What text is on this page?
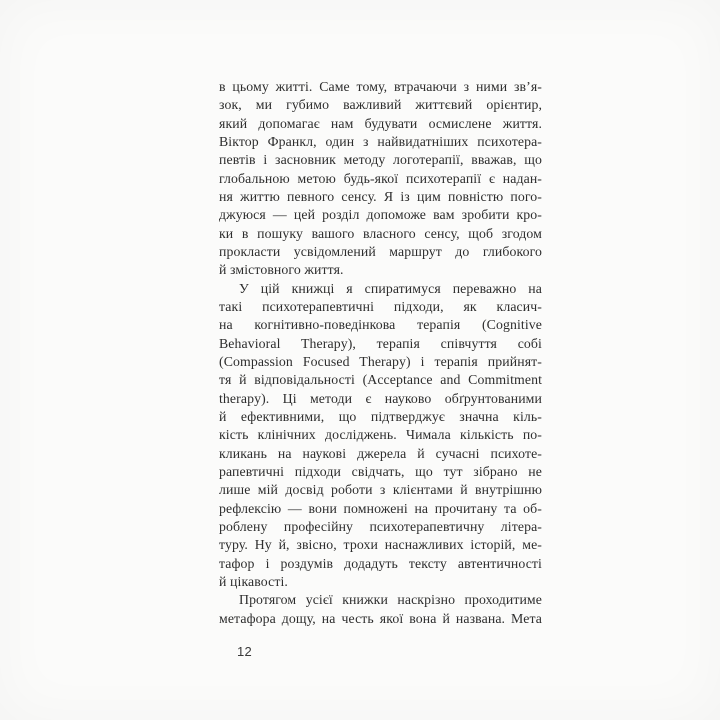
в цьому житті. Саме тому, втрачаючи з ними зв’я-
зок, ми губимо важливий життєвий орієнтир,
який допомагає нам будувати осмислене життя.
Віктор Франкл, один з найвидатніших психотера-
певтів і засновник методу логотерапії, вважав, що
глобальною метою будь-якої психотерапії є надан-
ня життю певного сенсу. Я із цим повністю пого-
джуюся — цей розділ допоможе вам зробити кро-
ки в пошуку вашого власного сенсу, щоб згодом
прокласти усвідомлений маршрут до глибокого
й змістовного життя.
У цій книжці я спиратимуся переважно на
такі психотерапевтичні підходи, як класич-
на когнітивно-поведінкова терапія (Cognitive
Behavioral Therapy), терапія співчуття собі
(Compassion Focused Therapy) і терапія прийнят-
тя й відповідальності (Acceptance and Commitment
therapy). Ці методи є науково обґрунтованими
й ефективними, що підтверджує значна кіль-
кість клінічних досліджень. Чимала кількість по-
кликань на наукові джерела й сучасні психоте-
рапевтичні підходи свідчать, що тут зібрано не
лише мій досвід роботи з клієнтами й внутрішню
рефлексію — вони помножені на прочитану та об-
роблену професійну психотерапевтичну літера-
туру. Ну й, звісно, трохи наснажливих історій, ме-
тафор і роздумів додадуть тексту автентичності
й цікавості.
Протягом усієї книжки наскрізно проходитиме
метафора дощу, на честь якої вона й названа. Мета
12
